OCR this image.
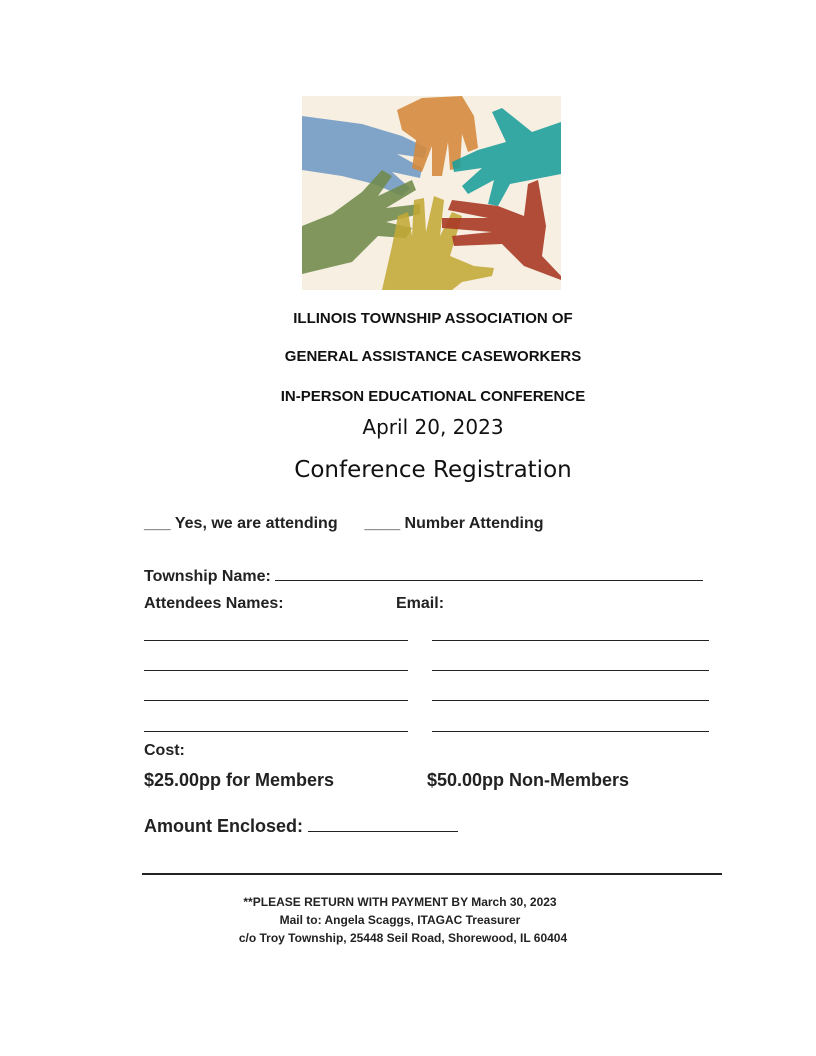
ILLINOIS TOWNSHIP ASSOCIATION OF
GENERAL ASSISTANCE CASEWORKERS
IN-PERSON EDUCATIONAL CONFERENCE
April 20, 2023
Conference Registration
___ Yes, we are attending ____ Number Attending
Township Name:
Attendees Names:	Email:
Cost:
$25.00pp for Members	$50.00pp Non-Members
Amount Enclosed:
**PLEASE RETURN WITH PAYMENT BY March 30, 2023
Mail to: Angela Scaggs, ITAGAC Treasurer
c/o Troy Township, 25448 Seil Road, Shorewood, IL 60404
